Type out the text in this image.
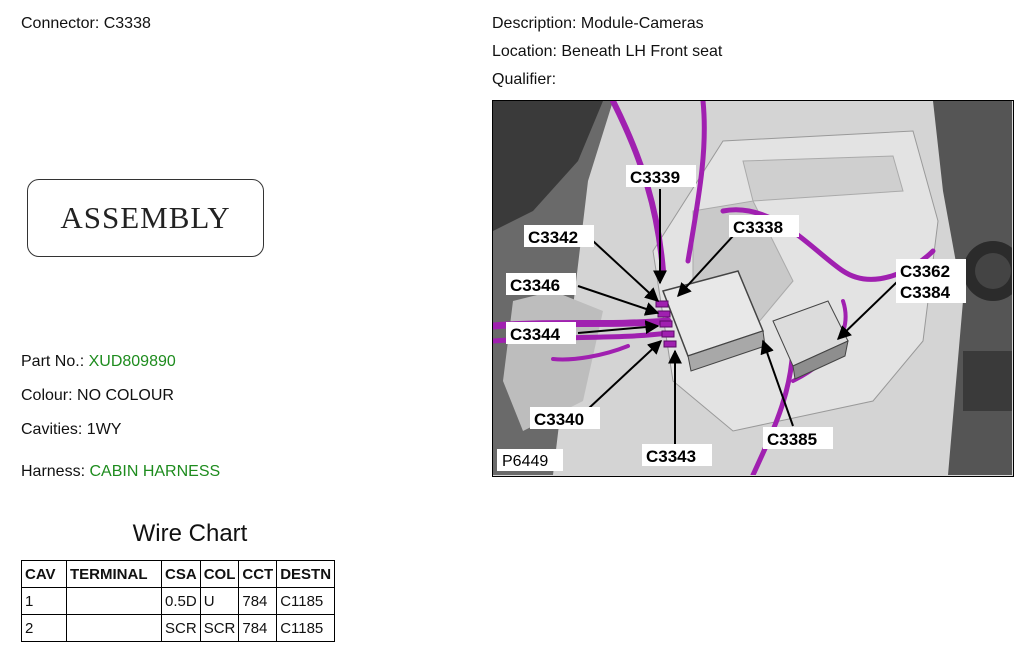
Connector: C3338	Description: Module-Cameras
Location: Beneath LH Front seat
Qualifier:
ASSEMBLY
Part No.: XUD809890
Colour: NO COLOUR
Cavities: 1WY
Harness: CABIN HARNESS
Wire Chart
CAV	TERMINAL	CSA	COL	CCT	DESTN
1		0.5D	U	784	C1185
2		SCR	SCR	784	C1185
C3339
C3338
C3342
C3346
C3344
C3340
C3343
C3385
C3362
C3384
P6449
